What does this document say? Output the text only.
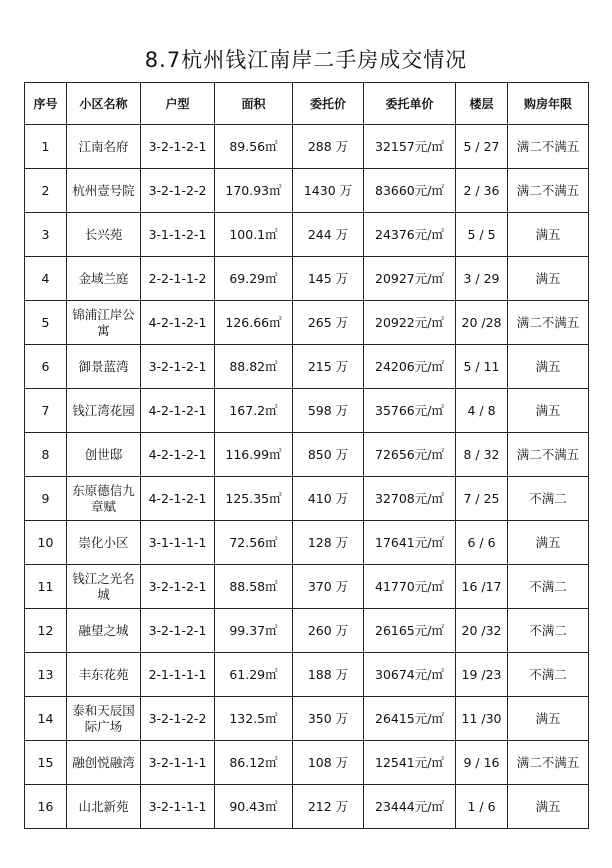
8.7杭州钱江南岸二手房成交情况
序号	小区名称	户型	面积	委托价	委托单价	楼层	购房年限
1	江南名府	3-2-1-2-1	89.56㎡	288 万	32157元/㎡	5 / 27	满二不满五
2	杭州壹号院	3-2-1-2-2	170.93㎡	1430 万	83660元/㎡	2 / 36	满二不满五
3	长兴苑	3-1-1-2-1	100.1㎡	244 万	24376元/㎡	5 / 5	满五
4	金域兰庭	2-2-1-1-2	69.29㎡	145 万	20927元/㎡	3 / 29	满五
5	锦浦江岸公寓	4-2-1-2-1	126.66㎡	265 万	20922元/㎡	20 /28	满二不满五
6	御景蓝湾	3-2-1-2-1	88.82㎡	215 万	24206元/㎡	5 / 11	满五
7	钱江湾花园	4-2-1-2-1	167.2㎡	598 万	35766元/㎡	4 / 8	满五
8	创世邸	4-2-1-2-1	116.99㎡	850 万	72656元/㎡	8 / 32	满二不满五
9	东原德信九章赋	4-2-1-2-1	125.35㎡	410 万	32708元/㎡	7 / 25	不满二
10	崇化小区	3-1-1-1-1	72.56㎡	128 万	17641元/㎡	6 / 6	满五
11	钱江之光名城	3-2-1-2-1	88.58㎡	370 万	41770元/㎡	16 /17	不满二
12	融望之城	3-2-1-2-1	99.37㎡	260 万	26165元/㎡	20 /32	不满二
13	丰东花苑	2-1-1-1-1	61.29㎡	188 万	30674元/㎡	19 /23	不满二
14	泰和天辰国际广场	3-2-1-2-2	132.5㎡	350 万	26415元/㎡	11 /30	满五
15	融创悦融湾	3-2-1-1-1	86.12㎡	108 万	12541元/㎡	9 / 16	满二不满五
16	山北新苑	3-2-1-1-1	90.43㎡	212 万	23444元/㎡	1 / 6	满五
